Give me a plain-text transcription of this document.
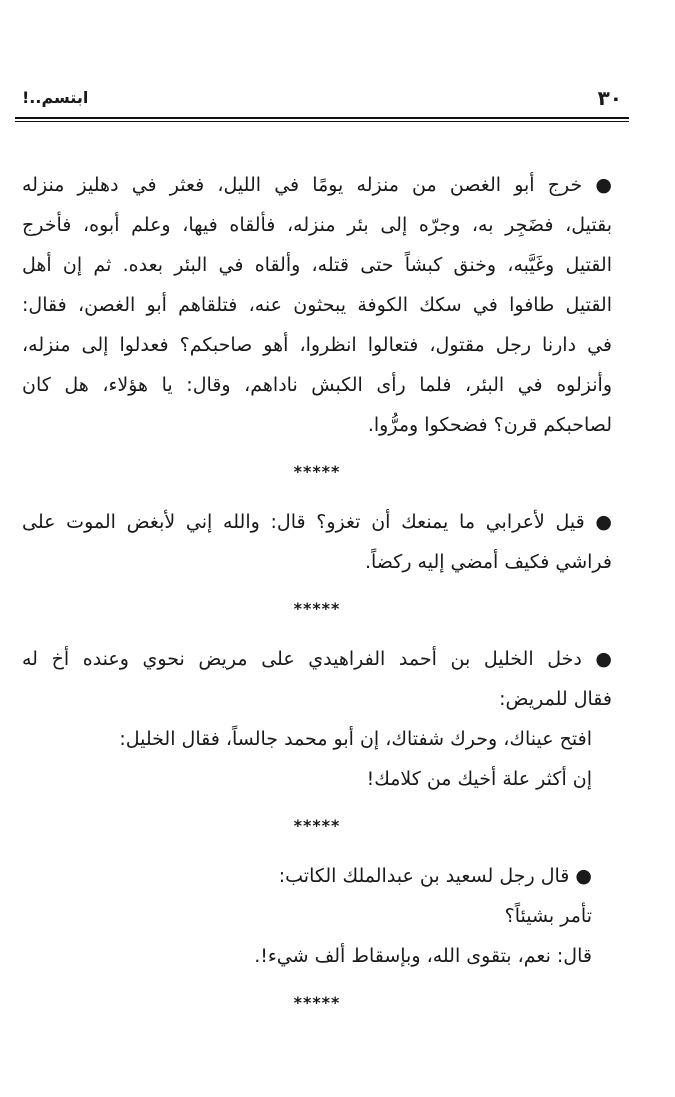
ابتسم..!	٣٠
● خرج أبو الغصن من منزله يومًا في الليل، فعثر في دهليز منزله
بقتيل، فضَجِر به، وجرّه إلى بئر منزله، فألقاه فيها، وعلم أبوه، فأخرج
القتيل وغَيَّبه، وخنق كبشاً حتى قتله، وألقاه في البئر بعده. ثم إن أهل
القتيل طافوا في سكك الكوفة يبحثون عنه، فتلقاهم أبو الغصن، فقال:
في دارنا رجل مقتول، فتعالوا انظروا، أهو صاحبكم؟ فعدلوا إلى منزله،
وأنزلوه في البئر، فلما رأى الكبش ناداهم، وقال: يا هؤلاء، هل كان
لصاحبكم قرن؟ فضحكوا ومرُّوا.
*****
● قيل لأعرابي ما يمنعك أن تغزو؟ قال: والله إني لأبغض الموت على
فراشي فكيف أمضي إليه ركضاً.
*****
● دخل الخليل بن أحمد الفراهيدي على مريض نحوي وعنده أخ له
فقال للمريض:
افتح عيناك، وحرك شفتاك، إن أبو محمد جالساً، فقال الخليل:
إن أكثر علة أخيك من كلامك!
*****
● قال رجل لسعيد بن عبدالملك الكاتب:
تأمر بشيئاً؟
قال: نعم، بتقوى الله، وبإسقاط ألف شيء!.
*****
